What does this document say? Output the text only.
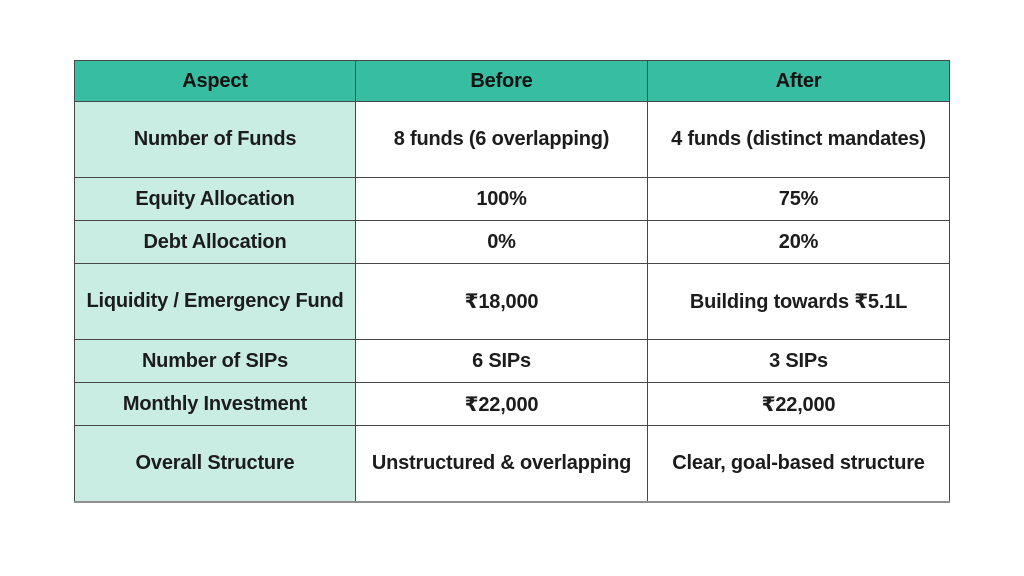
Aspect	Before	After
Number of Funds	8 funds (6 overlapping)	4 funds (distinct mandates)
Equity Allocation	100%	75%
Debt Allocation	0%	20%
Liquidity / Emergency Fund	₹18,000	Building towards ₹5.1L
Number of SIPs	6 SIPs	3 SIPs
Monthly Investment	₹22,000	₹22,000
Overall Structure	Unstructured & overlapping	Clear, goal-based structure
